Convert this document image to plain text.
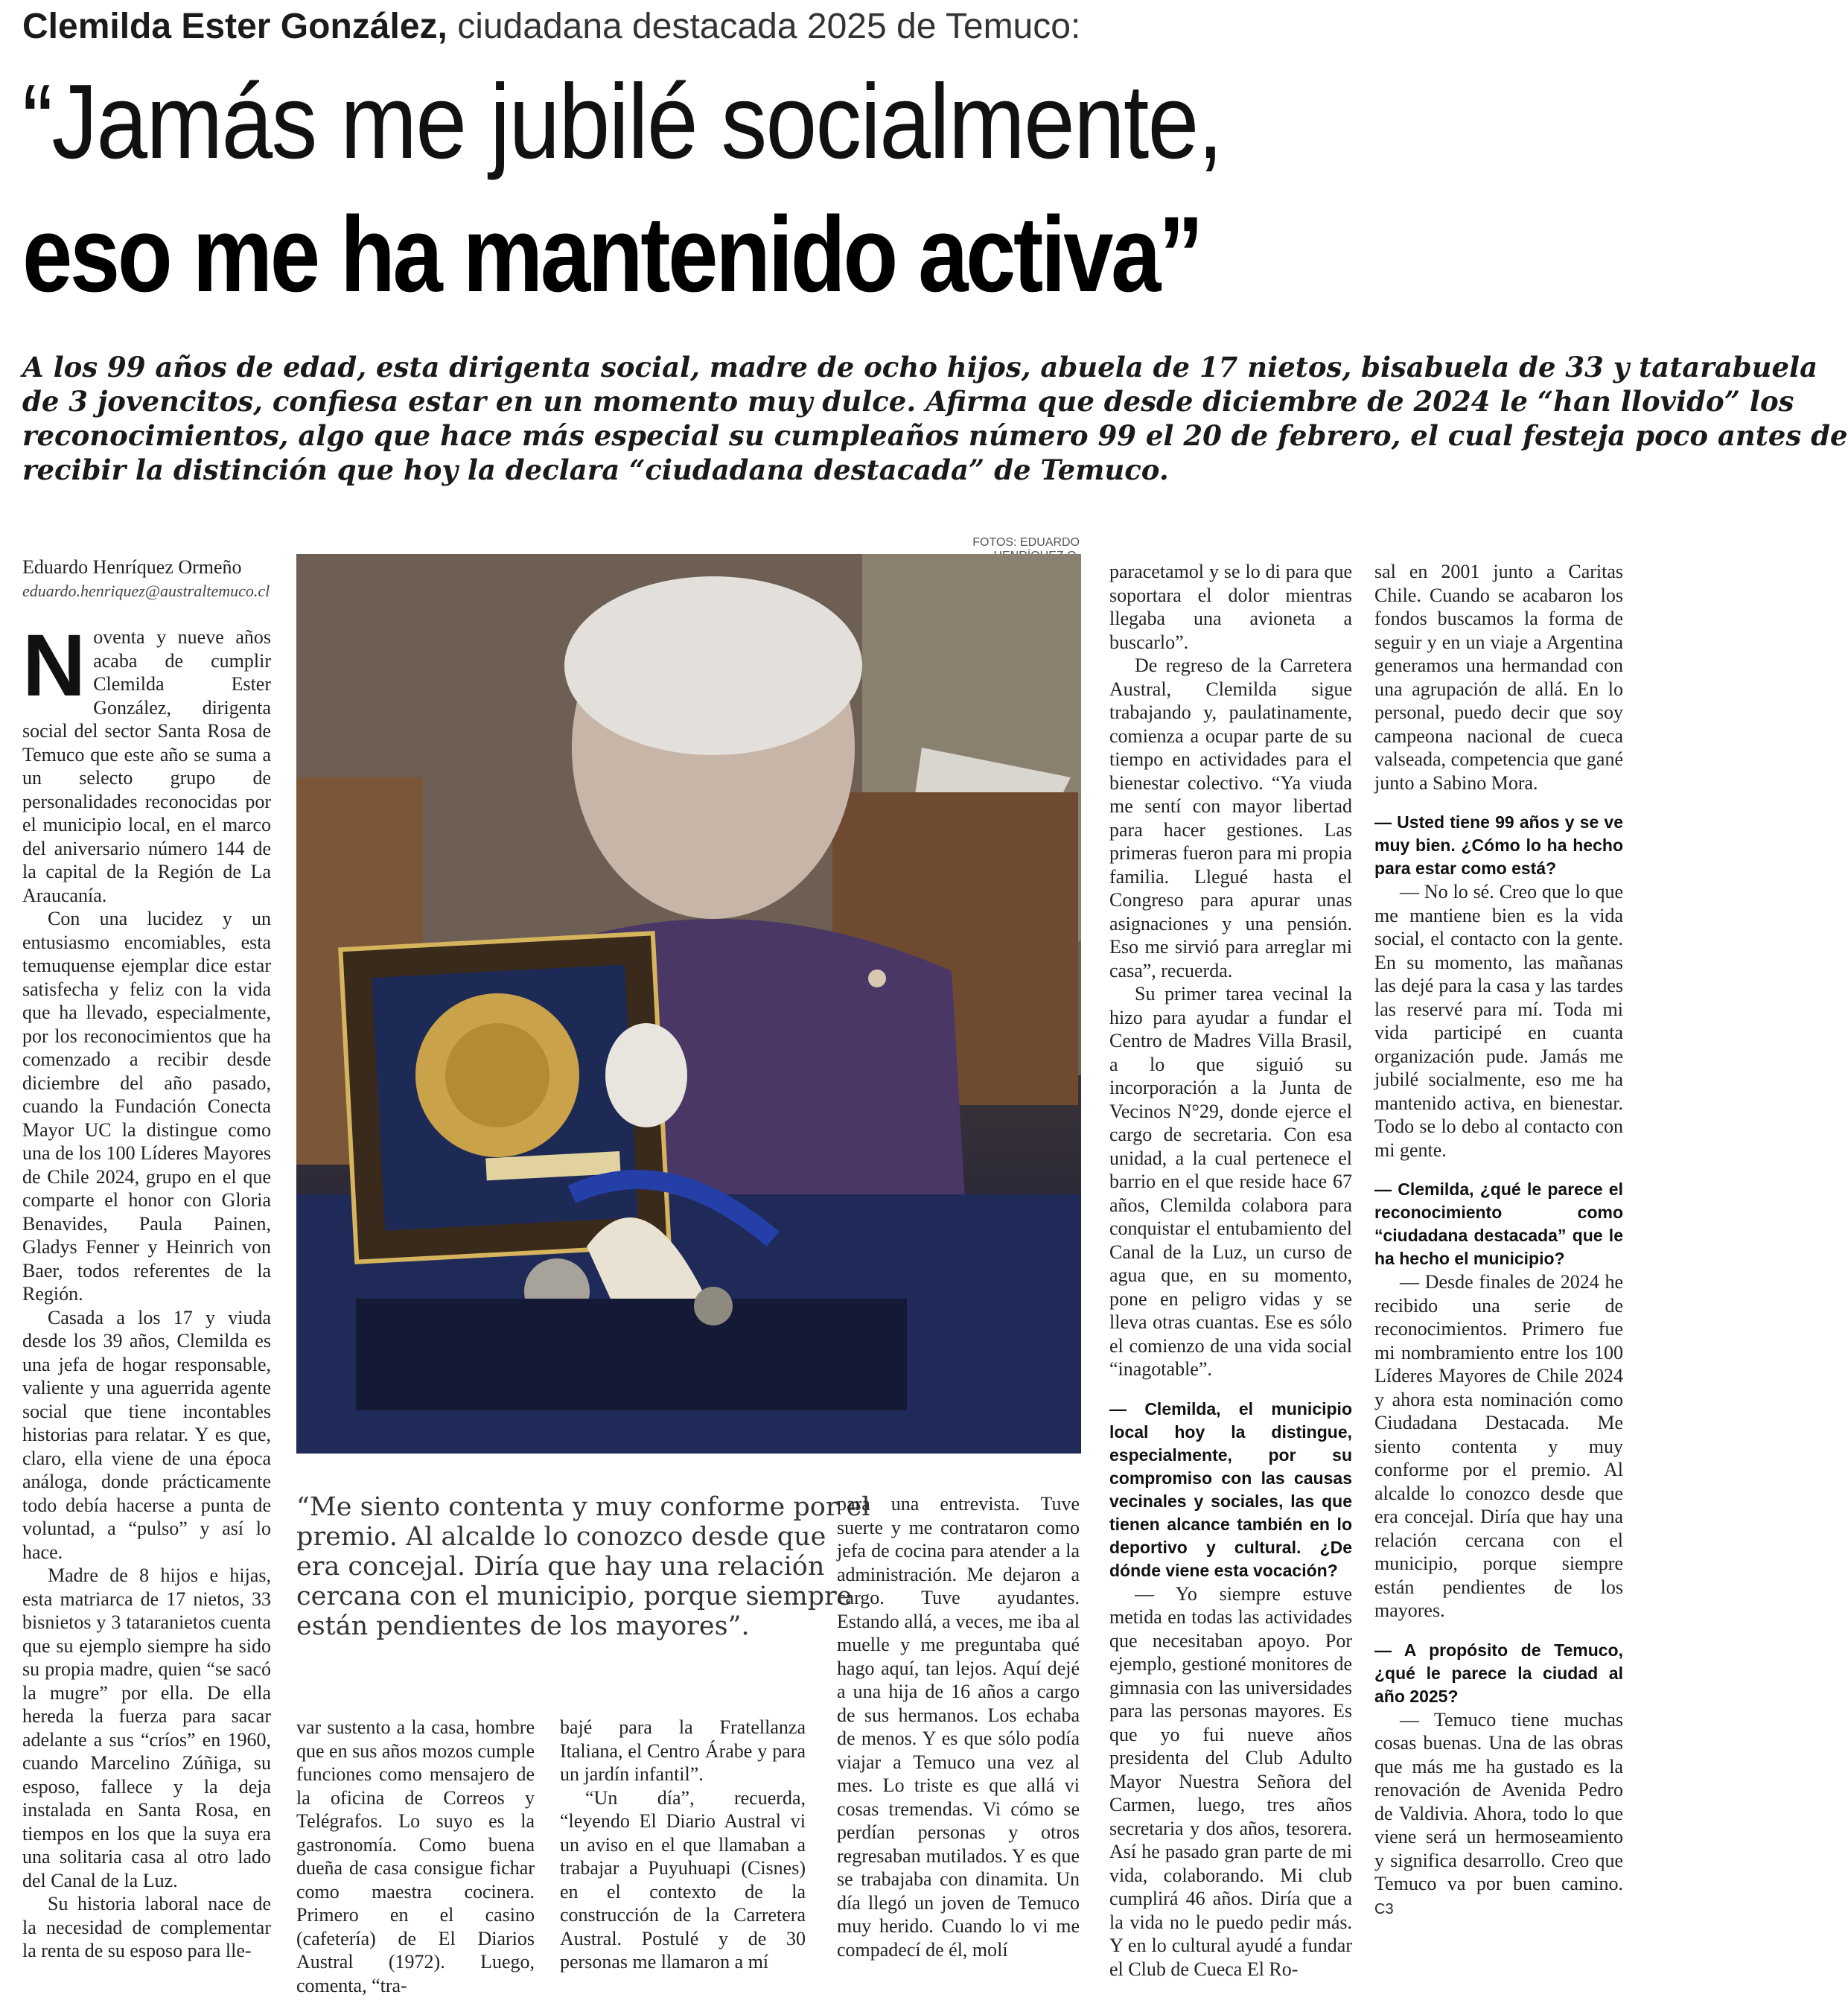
Clemilda Ester González, ciudadana destacada 2025 de Temuco:
“Jamás me jubilé socialmente,
eso me ha mantenido activa”

A los 99 años de edad, esta dirigenta social, madre de ocho hijos, abuela de 17 nietos, bisabuela de 33 y tatarabuela

de 3 jovencitos, confiesa estar en un momento muy dulce. Afirma que desde diciembre de 2024 le “han llovido” los

reconocimientos, algo que hace más especial su cumpleaños número 99 el 20 de febrero, el cual festeja poco antes de

recibir la distinción que hoy la declara “ciudadana destacada” de Temuco.

Eduardo Henríquez Ormeño
eduardo.henriquez@australtemuco.cl
FOTOS: EDUARDO
“Me siento contenta y muy conforme por el
premio. Al alcalde lo conozco desde que
era concejal. Diría que hay una relación
cercana con el municipio, porque siempre
están pendientes de los mayores”.

Noventa y nueve años acaba de cumplir Clemilda Ester González, dirigenta social del sector Santa Rosa de Temuco que este año se suma a un selecto grupo de personalidades reconocidas por el municipio local, en el marco del aniversario número 144 de la capital de la Región de La Araucanía.

Con una lucidez y un entusiasmo encomiables, esta temuquense ejemplar dice estar satisfecha y feliz con la vida que ha llevado, especialmente, por los reconocimientos que ha comenzado a recibir desde diciembre del año pasado, cuando la Fundación Conecta Mayor UC la distingue como una de los 100 Líderes Mayores de Chile 2024, grupo en el que comparte el honor con Gloria Benavides, Paula Painen, Gladys Fenner y Heinrich von Baer, todos referentes de la Región.

Casada a los 17 y viuda desde los 39 años, Clemilda es una jefa de hogar responsable, valiente y una aguerrida agente social que tiene incontables historias para relatar. Y es que, claro, ella viene de una época análoga, donde prácticamente todo debía hacerse a punta de voluntad, a “pulso” y así lo hace.

Madre de 8 hijos e hijas, esta matriarca de 17 nietos, 33 bisnietos y 3 tataranietos cuenta que su ejemplo siempre ha sido su propia madre, quien “se sacó la mugre” por ella. De ella hereda la fuerza para sacar adelante a sus “críos” en 1960, cuando Marcelino Zúñiga, su esposo, fallece y la deja instalada en Santa Rosa, en tiempos en los que la suya era una solitaria casa al otro lado del Canal de la Luz.

Su historia laboral nace de la necesidad de complementar la renta de su esposo para lle-

var sustento a la casa, hombre que en sus años mozos cumple funciones como mensajero de la oficina de Correos y Telégrafos. Lo suyo es la gastronomía. Como buena dueña de casa consigue fichar como maestra cocinera. Primero en el casino (cafetería) de El Diarios Austral (1972). Luego, comenta, “tra-

bajé para la Fratellanza Italiana, el Centro Árabe y para un jardín infantil”.

“Un día”, recuerda, “leyendo El Diario Austral vi un aviso en el que llamaban a trabajar a Puyuhuapi (Cisnes) en el contexto de la construcción de la Carretera Austral. Postulé y de 30 personas me llamaron a mí

para una entrevista. Tuve suerte y me contrataron como jefa de cocina para atender a la administración. Me dejaron a cargo. Tuve ayudantes. Estando allá, a veces, me iba al muelle y me preguntaba qué hago aquí, tan lejos. Aquí dejé a una hija de 16 años a cargo de sus hermanos. Los echaba de menos. Y es que sólo podía viajar a Temuco una vez al mes. Lo triste es que allá vi cosas tremendas. Vi cómo se perdían personas y otros regresaban mutilados. Y es que se trabajaba con dinamita. Un día llegó un joven de Temuco muy herido. Cuando lo vi me compadecí de él, molí

paracetamol y se lo di para que soportara el dolor mientras llegaba una avioneta a buscarlo”.

De regreso de la Carretera Austral, Clemilda sigue trabajando y, paulatinamente, comienza a ocupar parte de su tiempo en actividades para el bienestar colectivo. “Ya viuda me sentí con mayor libertad para hacer gestiones. Las primeras fueron para mi propia familia. Llegué hasta el Congreso para apurar unas asignaciones y una pensión. Eso me sirvió para arreglar mi casa”, recuerda.

Su primer tarea vecinal la hizo para ayudar a fundar el Centro de Madres Villa Brasil, a lo que siguió su incorporación a la Junta de Vecinos N°29, donde ejerce el cargo de secretaria. Con esa unidad, a la cual pertenece el barrio en el que reside hace 67 años, Clemilda colabora para conquistar el entubamiento del Canal de la Luz, un curso de agua que, en su momento, pone en peligro vidas y se lleva otras cuantas. Ese es sólo el comienzo de una vida social “inagotable”.

— Clemilda, el municipio local hoy la distingue, especialmente, por su compromiso con las causas vecinales y sociales, las que tienen alcance también en lo deportivo y cultural. ¿De dónde viene esta vocación?

— Yo siempre estuve metida en todas las actividades que necesitaban apoyo. Por ejemplo, gestioné monitores de gimnasia con las universidades para las personas mayores. Es que yo fui nueve años presidenta del Club Adulto Mayor Nuestra Señora del Carmen, luego, tres años secretaria y dos años, tesorera. Así he pasado gran parte de mi vida, colaborando. Mi club cumplirá 46 años. Diría que a la vida no le puedo pedir más. Y en lo cultural ayudé a fundar el Club de Cueca El Ro-

sal en 2001 junto a Caritas Chile. Cuando se acabaron los fondos buscamos la forma de seguir y en un viaje a Argentina generamos una hermandad con una agrupación de allá. En lo personal, puedo decir que soy campeona nacional de cueca valseada, competencia que gané junto a Sabino Mora.

— Usted tiene 99 años y se ve muy bien. ¿Cómo lo ha hecho para estar como está?

— No lo sé. Creo que lo que me mantiene bien es la vida social, el contacto con la gente. En su momento, las mañanas las dejé para la casa y las tardes las reservé para mí. Toda mi vida participé en cuanta organización pude. Jamás me jubilé socialmente, eso me ha mantenido activa, en bienestar. Todo se lo debo al contacto con mi gente.

— Clemilda, ¿qué le parece el reconocimiento como “ciudadana destacada” que le ha hecho el municipio?

— Desde finales de 2024 he recibido una serie de reconocimientos. Primero fue mi nombramiento entre los 100 Líderes Mayores de Chile 2024 y ahora esta nominación como Ciudadana Destacada. Me siento contenta y muy conforme por el premio. Al alcalde lo conozco desde que era concejal. Diría que hay una relación cercana con el municipio, porque siempre están pendientes de los mayores.

— A propósito de Temuco, ¿qué le parece la ciudad al año 2025?

— Temuco tiene muchas cosas buenas. Una de las obras que más me ha gustado es la renovación de Avenida Pedro de Valdivia. Ahora, todo lo que viene será un hermoseamiento y significa desarrollo. Creo que Temuco va por buen camino. C3
